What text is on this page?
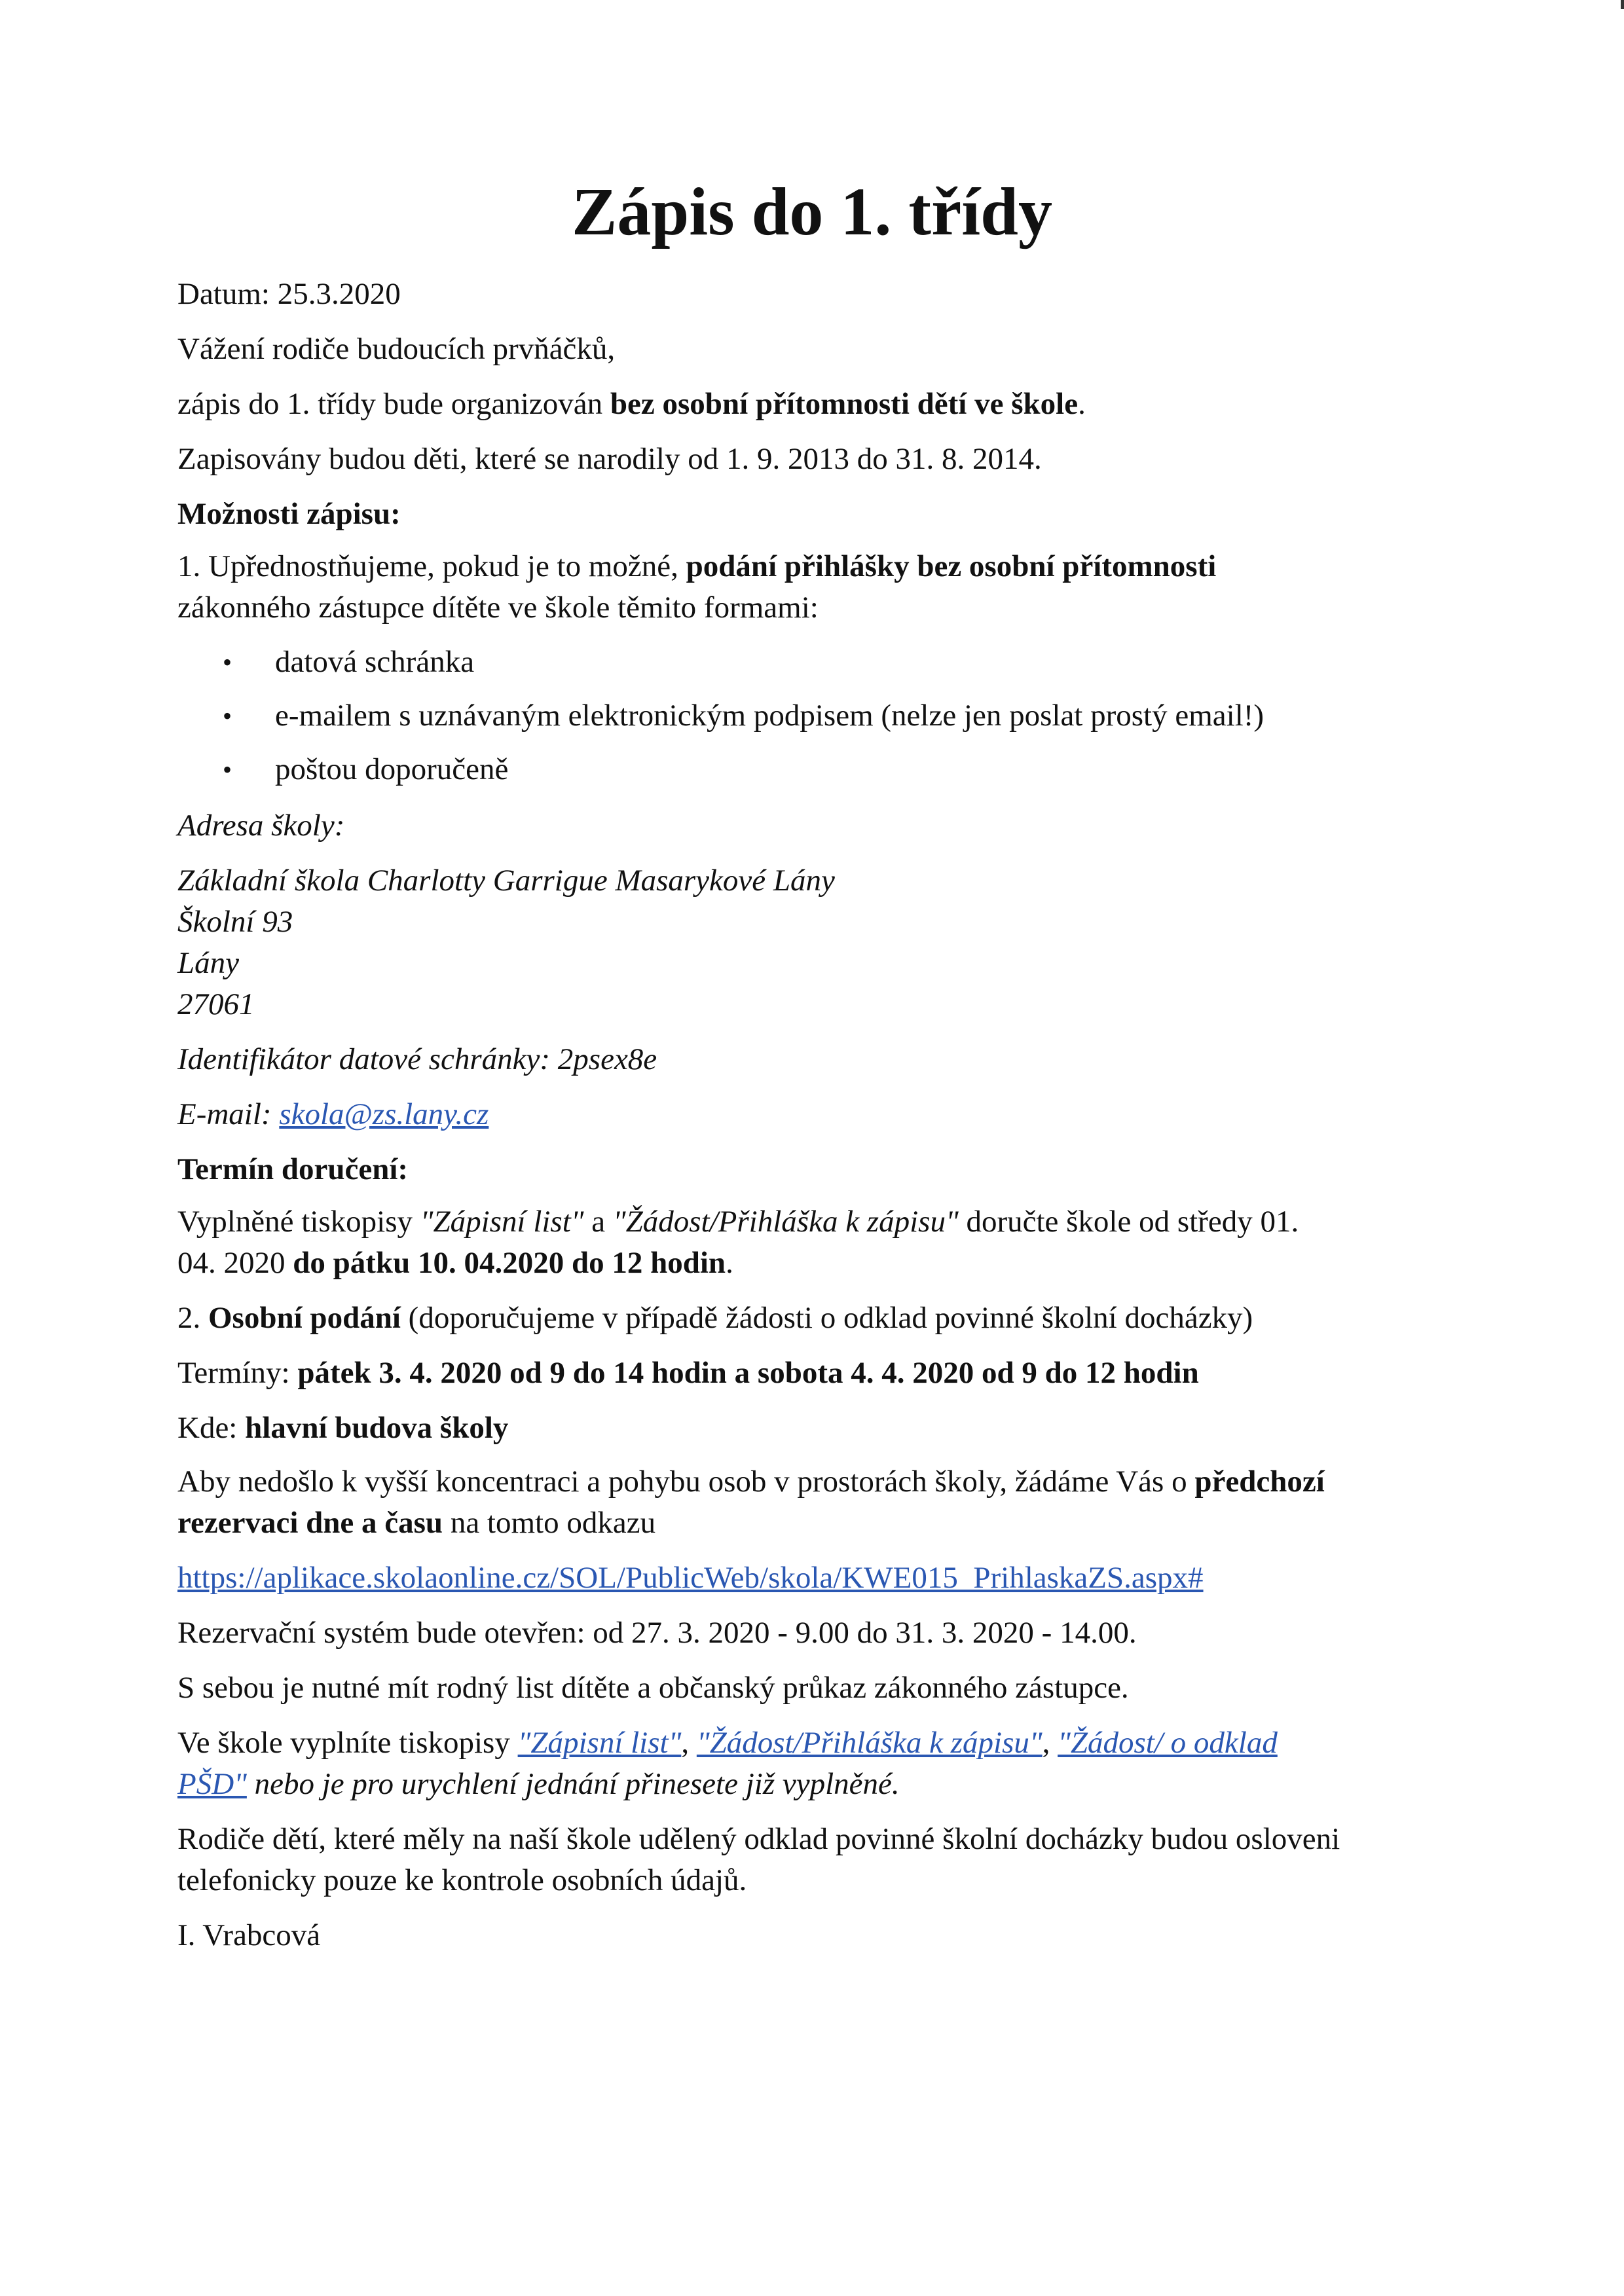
Zápis do 1. třídy

Datum: 25.3.2020

Vážení rodiče budoucích prvňáčků,

zápis do 1. třídy bude organizován bez osobní přítomnosti dětí ve škole.

Zapisovány budou děti, které se narodily od 1. 9. 2013 do 31. 8. 2014.

Možnosti zápisu:

1. Upřednostňujeme, pokud je to možné, podání přihlášky bez osobní přítomnosti

zákonného zástupce dítěte ve škole těmito formami:

• datová schránka

• e-mailem s uznávaným elektronickým podpisem (nelze jen poslat prostý email!)

• poštou doporučeně

Adresa školy:

Základní škola Charlotty Garrigue Masarykové Lány

Školní 93

Lány

27061

Identifikátor datové schránky: 2psex8e

E-mail: skola@zs.lany.cz

Termín doručení:

Vyplněné tiskopisy "Zápisní list" a "Žádost/Přihláška k zápisu" doručte škole od středy 01.

04. 2020 do pátku 10. 04.2020 do 12 hodin.

2. Osobní podání (doporučujeme v případě žádosti o odklad povinné školní docházky)

Termíny: pátek 3. 4. 2020 od 9 do 14 hodin a sobota 4. 4. 2020 od 9 do 12 hodin

Kde: hlavní budova školy

Aby nedošlo k vyšší koncentraci a pohybu osob v prostorách školy, žádáme Vás o předchozí

rezervaci dne a času na tomto odkazu

https://aplikace.skolaonline.cz/SOL/PublicWeb/skola/KWE015_PrihlaskaZS.aspx#

Rezervační systém bude otevřen: od 27. 3. 2020 - 9.00 do 31. 3. 2020 - 14.00.

S sebou je nutné mít rodný list dítěte a občanský průkaz zákonného zástupce.

Ve škole vyplníte tiskopisy "Zápisní list", "Žádost/Přihláška k zápisu", "Žádost/ o odklad

PŠD" nebo je pro urychlení jednání přinesete již vyplněné.

Rodiče dětí, které měly na naší škole udělený odklad povinné školní docházky budou osloveni

telefonicky pouze ke kontrole osobních údajů.

I. Vrabcová
